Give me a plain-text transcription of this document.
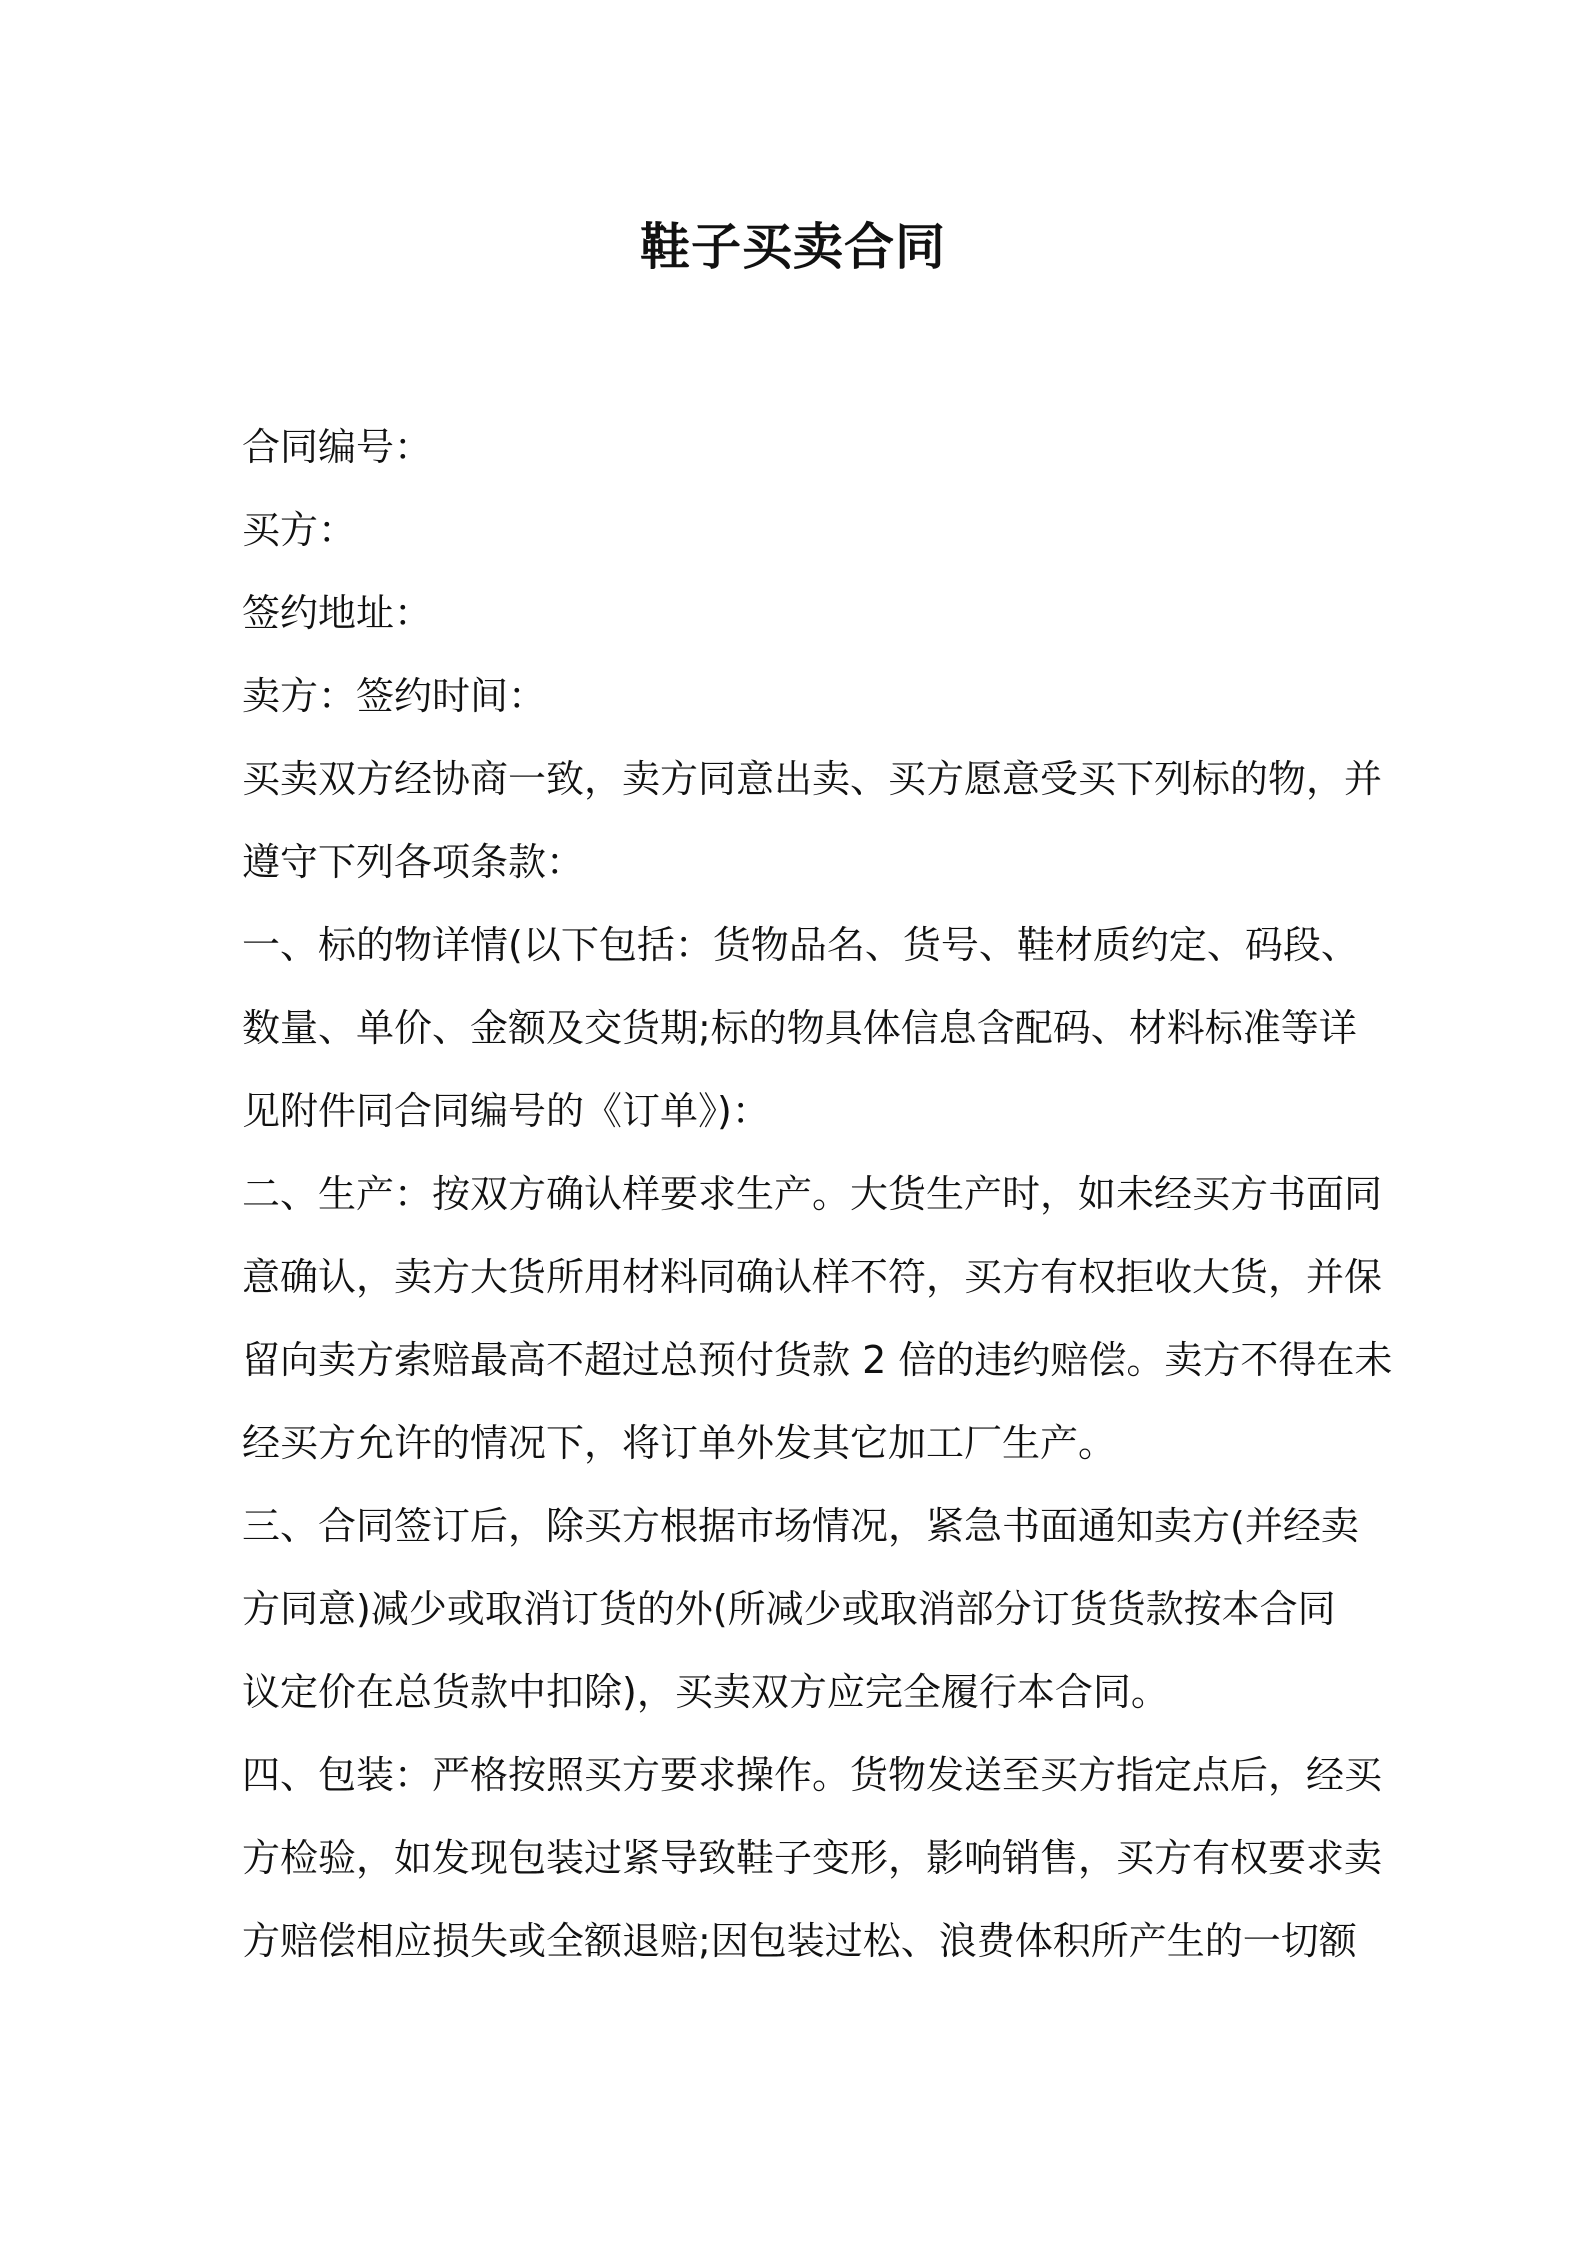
鞋子买卖合同
合同编号：
买方：
签约地址：
卖方：签约时间：
买卖双方经协商一致，卖方同意出卖、买方愿意受买下列标的物，并
遵守下列各项条款：
一、标的物详情(以下包括：货物品名、货号、鞋材质约定、码段、
数量、单价、金额及交货期;标的物具体信息含配码、材料标准等详
见附件同合同编号的《订单》)：
二、生产：按双方确认样要求生产。大货生产时，如未经买方书面同
意确认，卖方大货所用材料同确认样不符，买方有权拒收大货，并保
留向卖方索赔最高不超过总预付货款 2 倍的违约赔偿。卖方不得在未
经买方允许的情况下，将订单外发其它加工厂生产。
三、合同签订后，除买方根据市场情况，紧急书面通知卖方(并经卖
方同意)减少或取消订货的外(所减少或取消部分订货货款按本合同
议定价在总货款中扣除)，买卖双方应完全履行本合同。
四、包装：严格按照买方要求操作。货物发送至买方指定点后，经买
方检验，如发现包装过紧导致鞋子变形，影响销售，买方有权要求卖
方赔偿相应损失或全额退赔;因包装过松、浪费体积所产生的一切额
